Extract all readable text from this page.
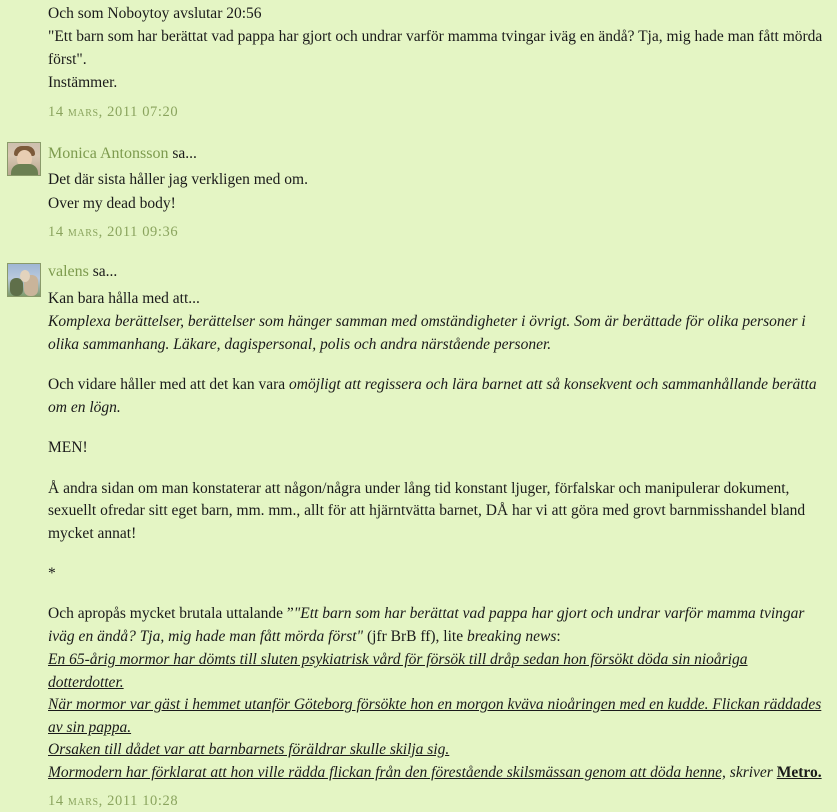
Och som Noboytoy avslutar 20:56

"Ett barn som har berättat vad pappa har gjort och undrar varför mamma tvingar iväg en ändå? Tja, mig hade man fått mörda först".

Instämmer.

14 mars, 2011 07:20

Monica Antonsson sa...

Det där sista håller jag verkligen med om.

Over my dead body!

14 mars, 2011 09:36

valens sa...

Kan bara hålla med att...

Komplexa berättelser, berättelser som hänger samman med omständigheter i övrigt. Som är berättade för olika personer i olika sammanhang. Läkare, dagispersonal, polis och andra närstående personer.

Och vidare håller med att det kan vara omöjligt att regissera och lära barnet att så konsekvent och sammanhållande berätta om en lögn.

MEN!

Å andra sidan om man konstaterar att någon/några under lång tid konstant ljuger, förfalskar och manipulerar dokument, sexuellt ofredar sitt eget barn, mm. mm., allt för att hjärntvätta barnet, DÅ har vi att göra med grovt barnmisshandel bland mycket annat!

*

Och apropås mycket brutala uttalande ”"Ett barn som har berättat vad pappa har gjort och undrar varför mamma tvingar iväg en ändå? Tja, mig hade man fått mörda först" (jfr BrB ff), lite breaking news:

En 65-årig mormor har dömts till sluten psykiatrisk vård för försök till dråp sedan hon försökt döda sin nioåriga dotterdotter.

När mormor var gäst i hemmet utanför Göteborg försökte hon en morgon kväva nioåringen med en kudde. Flickan räddades av sin pappa.

Orsaken till dådet var att barnbarnets föräldrar skulle skilja sig.

Mormodern har förklarat att hon ville rädda flickan från den förestående skilsmässan genom att döda henne, skriver Metro.

14 mars, 2011 10:28
